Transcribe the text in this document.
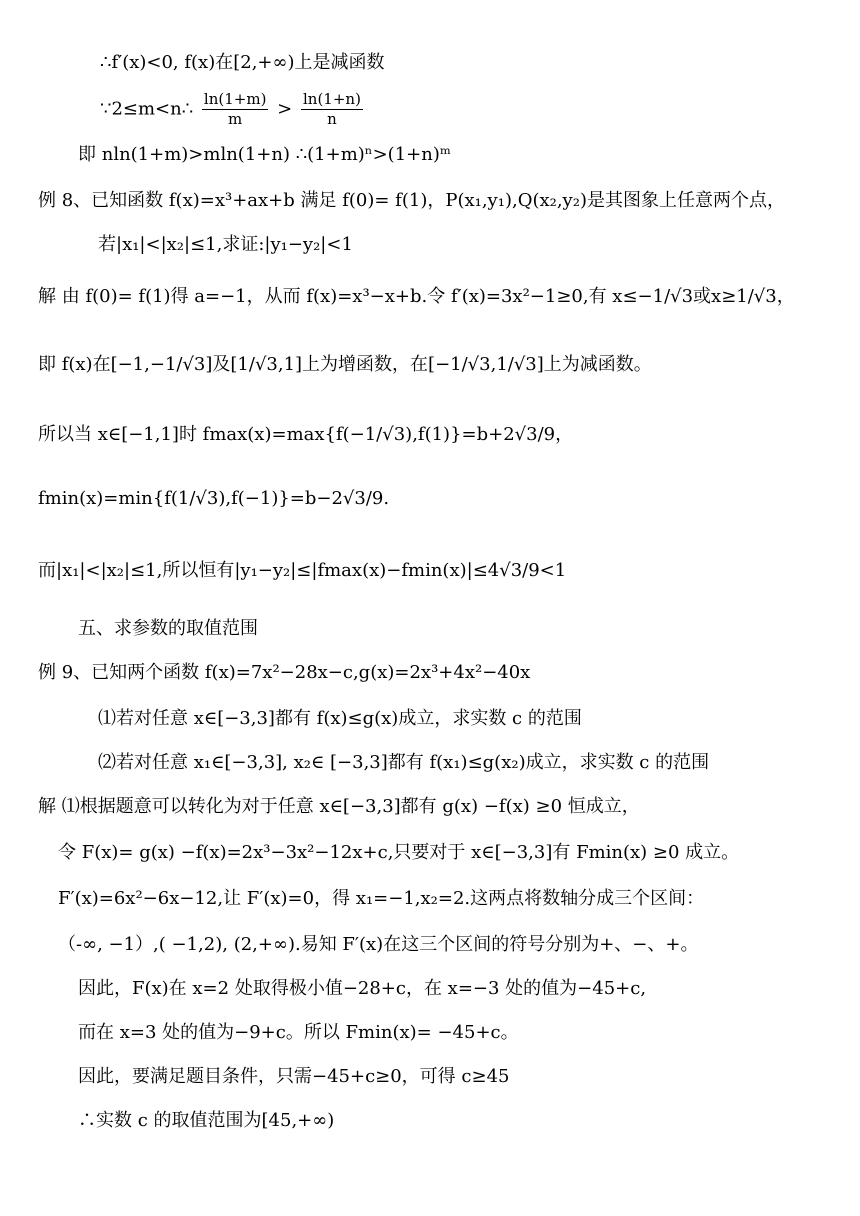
∴f′(x)<0, f(x)在[2,+∞)上是减函数
∵2≤m<n∴ $\frac{\ln(1+m)}{m} > \frac{\ln(1+n)}{n}$
即 nln(1+m)>mln(1+n) ∴(1+m)ⁿ>(1+n)ᵐ
例 8、已知函数 f(x)=x³+ax+b 满足 f(0)= f(1)，P(x₁,y₁),Q(x₂,y₂)是其图象上任意两个点，
若|x₁|<|x₂|≤1,求证:|y₁−y₂|<1
解 由 f(0)= f(1)得 a=−1，从而 f(x)=x³−x+b.令 f′(x)=3x²−1≥0,有 x≤−1/√3或x≥1/√3，
即 f(x)在[−1,−1/√3]及[1/√3,1]上为增函数，在[−1/√3,1/√3]上为减函数。
所以当 x∈[−1,1]时 fmax(x)=max{f(−1/√3),f(1)}=b+2√3/9，
fmin(x)=min{f(1/√3),f(−1)}=b−2√3/9.
而|x₁|<|x₂|≤1,所以恒有|y₁−y₂|≤|fmax(x)−fmin(x)|≤4√3/9<1
五、求参数的取值范围
例 9、已知两个函数 f(x)=7x²−28x−c,g(x)=2x³+4x²−40x
⑴若对任意 x∈[−3,3]都有 f(x)≤g(x)成立，求实数 c 的范围
⑵若对任意 x₁∈[−3,3], x₂∈ [−3,3]都有 f(x₁)≤g(x₂)成立，求实数 c 的范围
解 ⑴根据题意可以转化为对于任意 x∈[−3,3]都有 g(x) −f(x) ≥0 恒成立，
令 F(x)= g(x) −f(x)=2x³−3x²−12x+c,只要对于 x∈[−3,3]有 Fmin(x) ≥0 成立。
F′(x)=6x²−6x−12,让 F′(x)=0，得 x₁=−1,x₂=2.这两点将数轴分成三个区间：
（-∞, −1）,( −1,2), (2,+∞).易知 F′(x)在这三个区间的符号分别为+、−、+。
因此，F(x)在 x=2 处取得极小值−28+c，在 x=−3 处的值为−45+c,
而在 x=3 处的值为−9+c。所以 Fmin(x)= −45+c。
因此，要满足题目条件，只需−45+c≥0，可得 c≥45
∴实数 c 的取值范围为[45,+∞)
